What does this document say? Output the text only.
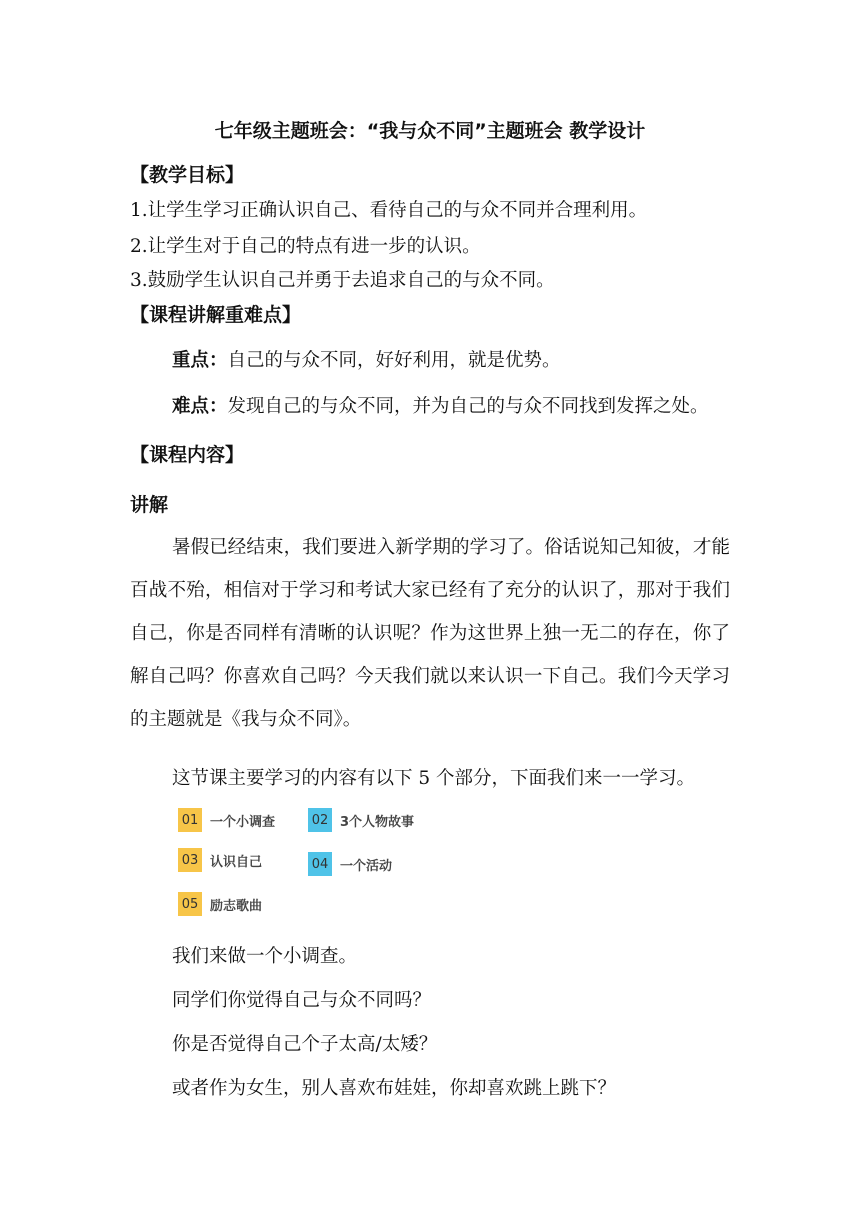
七年级主题班会：“我与众不同”主题班会 教学设计
【教学目标】
1.让学生学习正确认识自己、看待自己的与众不同并合理利用。
2.让学生对于自己的特点有进一步的认识。
3.鼓励学生认识自己并勇于去追求自己的与众不同。
【课程讲解重难点】
重点：自己的与众不同，好好利用，就是优势。
难点：发现自己的与众不同，并为自己的与众不同找到发挥之处。
【课程内容】
讲解
暑假已经结束，我们要进入新学期的学习了。俗话说知己知彼，才能百战不殆，相信对于学习和考试大家已经有了充分的认识了，那对于我们自己，你是否同样有清晰的认识呢？作为这世界上独一无二的存在，你了解自己吗？你喜欢自己吗？今天我们就以来认识一下自己。我们今天学习的主题就是《我与众不同》。
这节课主要学习的内容有以下 5 个部分，下面我们来一一学习。
01 一个小调查	02 3个人物故事
03 认识自己	04 一个活动
05 励志歌曲
我们来做一个小调查。
同学们你觉得自己与众不同吗？
你是否觉得自己个子太高/太矮？
或者作为女生，别人喜欢布娃娃，你却喜欢跳上跳下？
